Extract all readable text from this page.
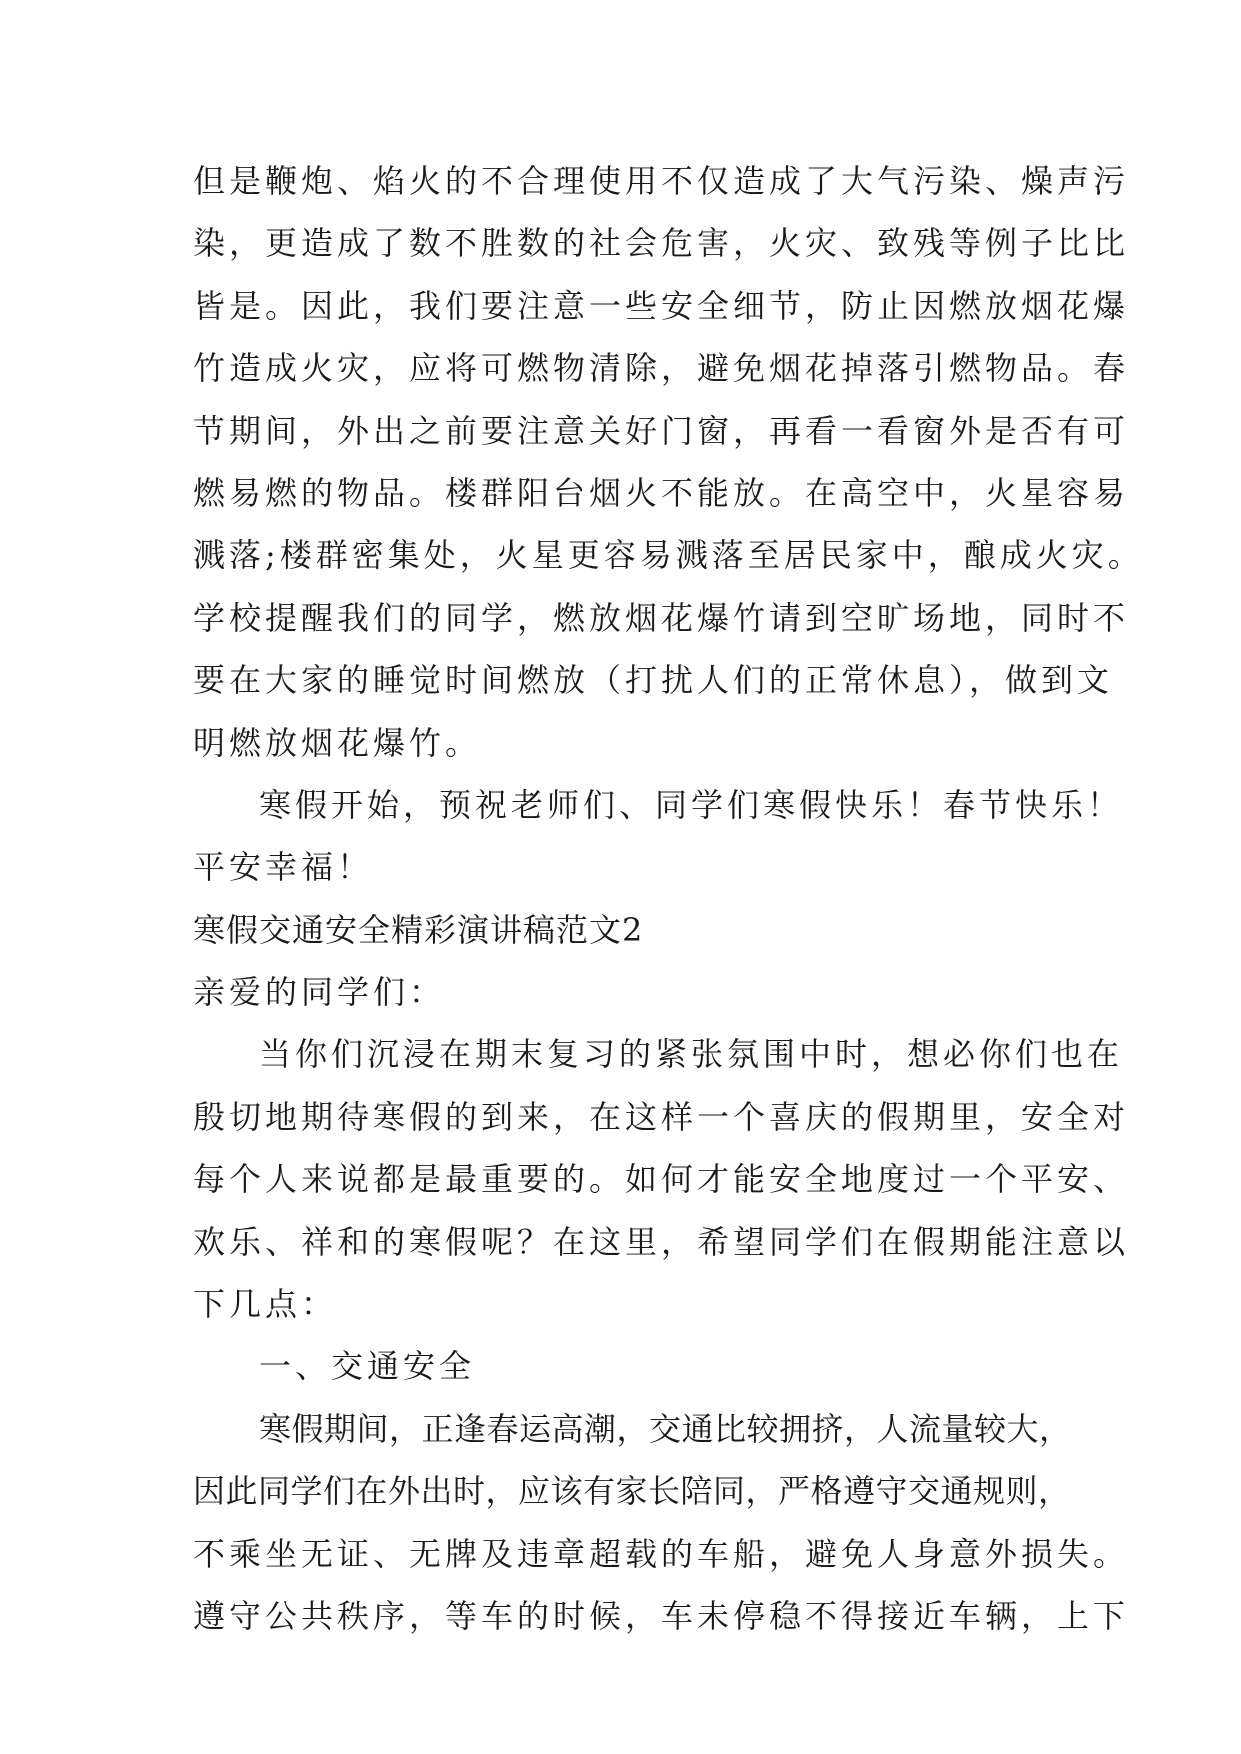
但是鞭炮、焰火的不合理使用不仅造成了大气污染、燥声污
染，更造成了数不胜数的社会危害，火灾、致残等例子比比
皆是。因此，我们要注意一些安全细节，防止因燃放烟花爆
竹造成火灾，应将可燃物清除，避免烟花掉落引燃物品。春
节期间，外出之前要注意关好门窗，再看一看窗外是否有可
燃易燃的物品。楼群阳台烟火不能放。在高空中，火星容易
溅落;楼群密集处，火星更容易溅落至居民家中，酿成火灾。
学校提醒我们的同学，燃放烟花爆竹请到空旷场地，同时不
要在大家的睡觉时间燃放（打扰人们的正常休息），做到文
明燃放烟花爆竹。
寒假开始，预祝老师们、同学们寒假快乐！春节快乐！
平安幸福！
寒假交通安全精彩演讲稿范文2
亲爱的同学们：
当你们沉浸在期末复习的紧张氛围中时，想必你们也在
殷切地期待寒假的到来，在这样一个喜庆的假期里，安全对
每个人来说都是最重要的。如何才能安全地度过一个平安、
欢乐、祥和的寒假呢？在这里，希望同学们在假期能注意以
下几点：
一、交通安全
寒假期间，正逢春运高潮，交通比较拥挤，人流量较大，
因此同学们在外出时，应该有家长陪同，严格遵守交通规则，
不乘坐无证、无牌及违章超载的车船，避免人身意外损失。
遵守公共秩序，等车的时候，车未停稳不得接近车辆，上下
